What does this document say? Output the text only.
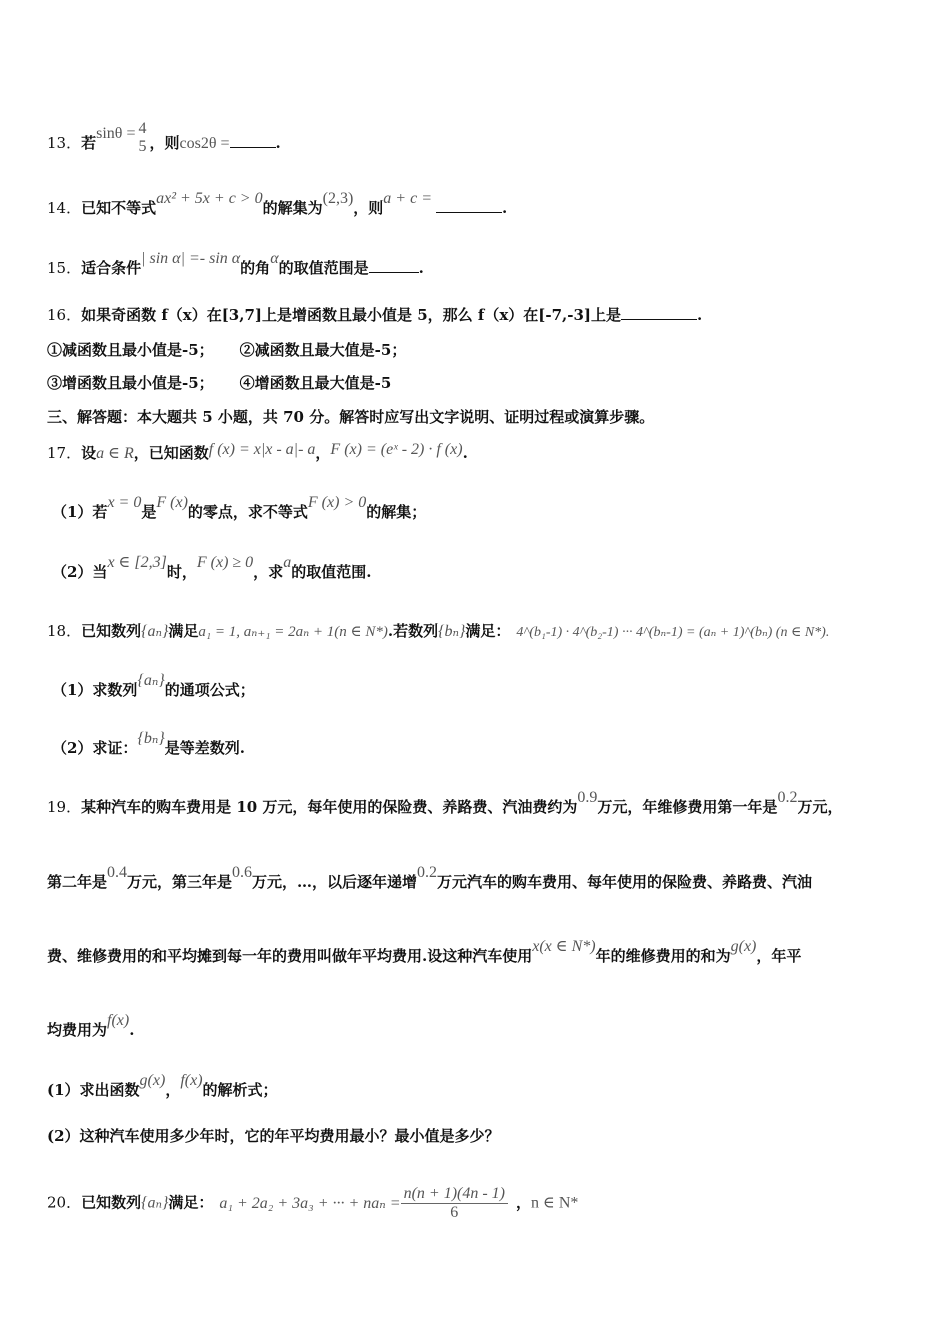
13．若sinθ = 4
5 ，则cos2θ =	.
14．已知不等式ax² + 5x + c > 0的解集为(2,3)，则a + c =.
15．适合条件| sin α| =- sin α的角α的取值范围是	.
16．如果奇函数 f（x）在[3,7]上是增函数且最小值是 5，那么 f（x）在[-7,-3]上是	.
①减函数且最小值是-5； ②减函数且最大值是-5；
③增函数且最小值是-5； ④增函数且最大值是-5
三、解答题：本大题共 5 小题，共 70 分。解答时应写出文字说明、证明过程或演算步骤。
17．设a ∈ R，已知函数f (x) = x|x - a|- a，F (x) = (eˣ - 2) · f (x).
（1）若x = 0是F (x)的零点，求不等式F (x) > 0的解集；
（2）当x ∈ [2,3]时，F (x) ≥ 0，求a的取值范围.
18．已知数列{aₙ}满足a₁ = 1, aₙ₊₁ = 2aₙ + 1(n ∈ N*).若数列{bₙ}满足： 4^(b₁-1) · 4^(b₂-1) ··· 4^(bₙ-1) = (aₙ + 1)^(bₙ) (n ∈ N*).
（1）求数列{aₙ}的通项公式；
（2）求证：{bₙ}是等差数列.
19．某种汽车的购车费用是 10 万元，每年使用的保险费、养路费、汽油费约为0.9万元，年维修费用第一年是0.2万元，
第二年是0.4万元，第三年是0.6万元，…，以后逐年递增0.2万元汽车的购车费用、每年使用的保险费、养路费、汽油
费、维修费用的和平均摊到每一年的费用叫做年平均费用.设这种汽车使用x(x ∈ N*)年的维修费用的和为g(x)，年平
均费用为f(x).
(1）求出函数g(x)，f(x)的解析式；
(2）这种汽车使用多少年时，它的年平均费用最小？最小值是多少？
20．已知数列{aₙ}满足： a₁ + 2a₂ + 3a₃ + ··· + $na_n = \frac{n(n + 1)(4n - 1)}{6}$ ，n ∈ N*
